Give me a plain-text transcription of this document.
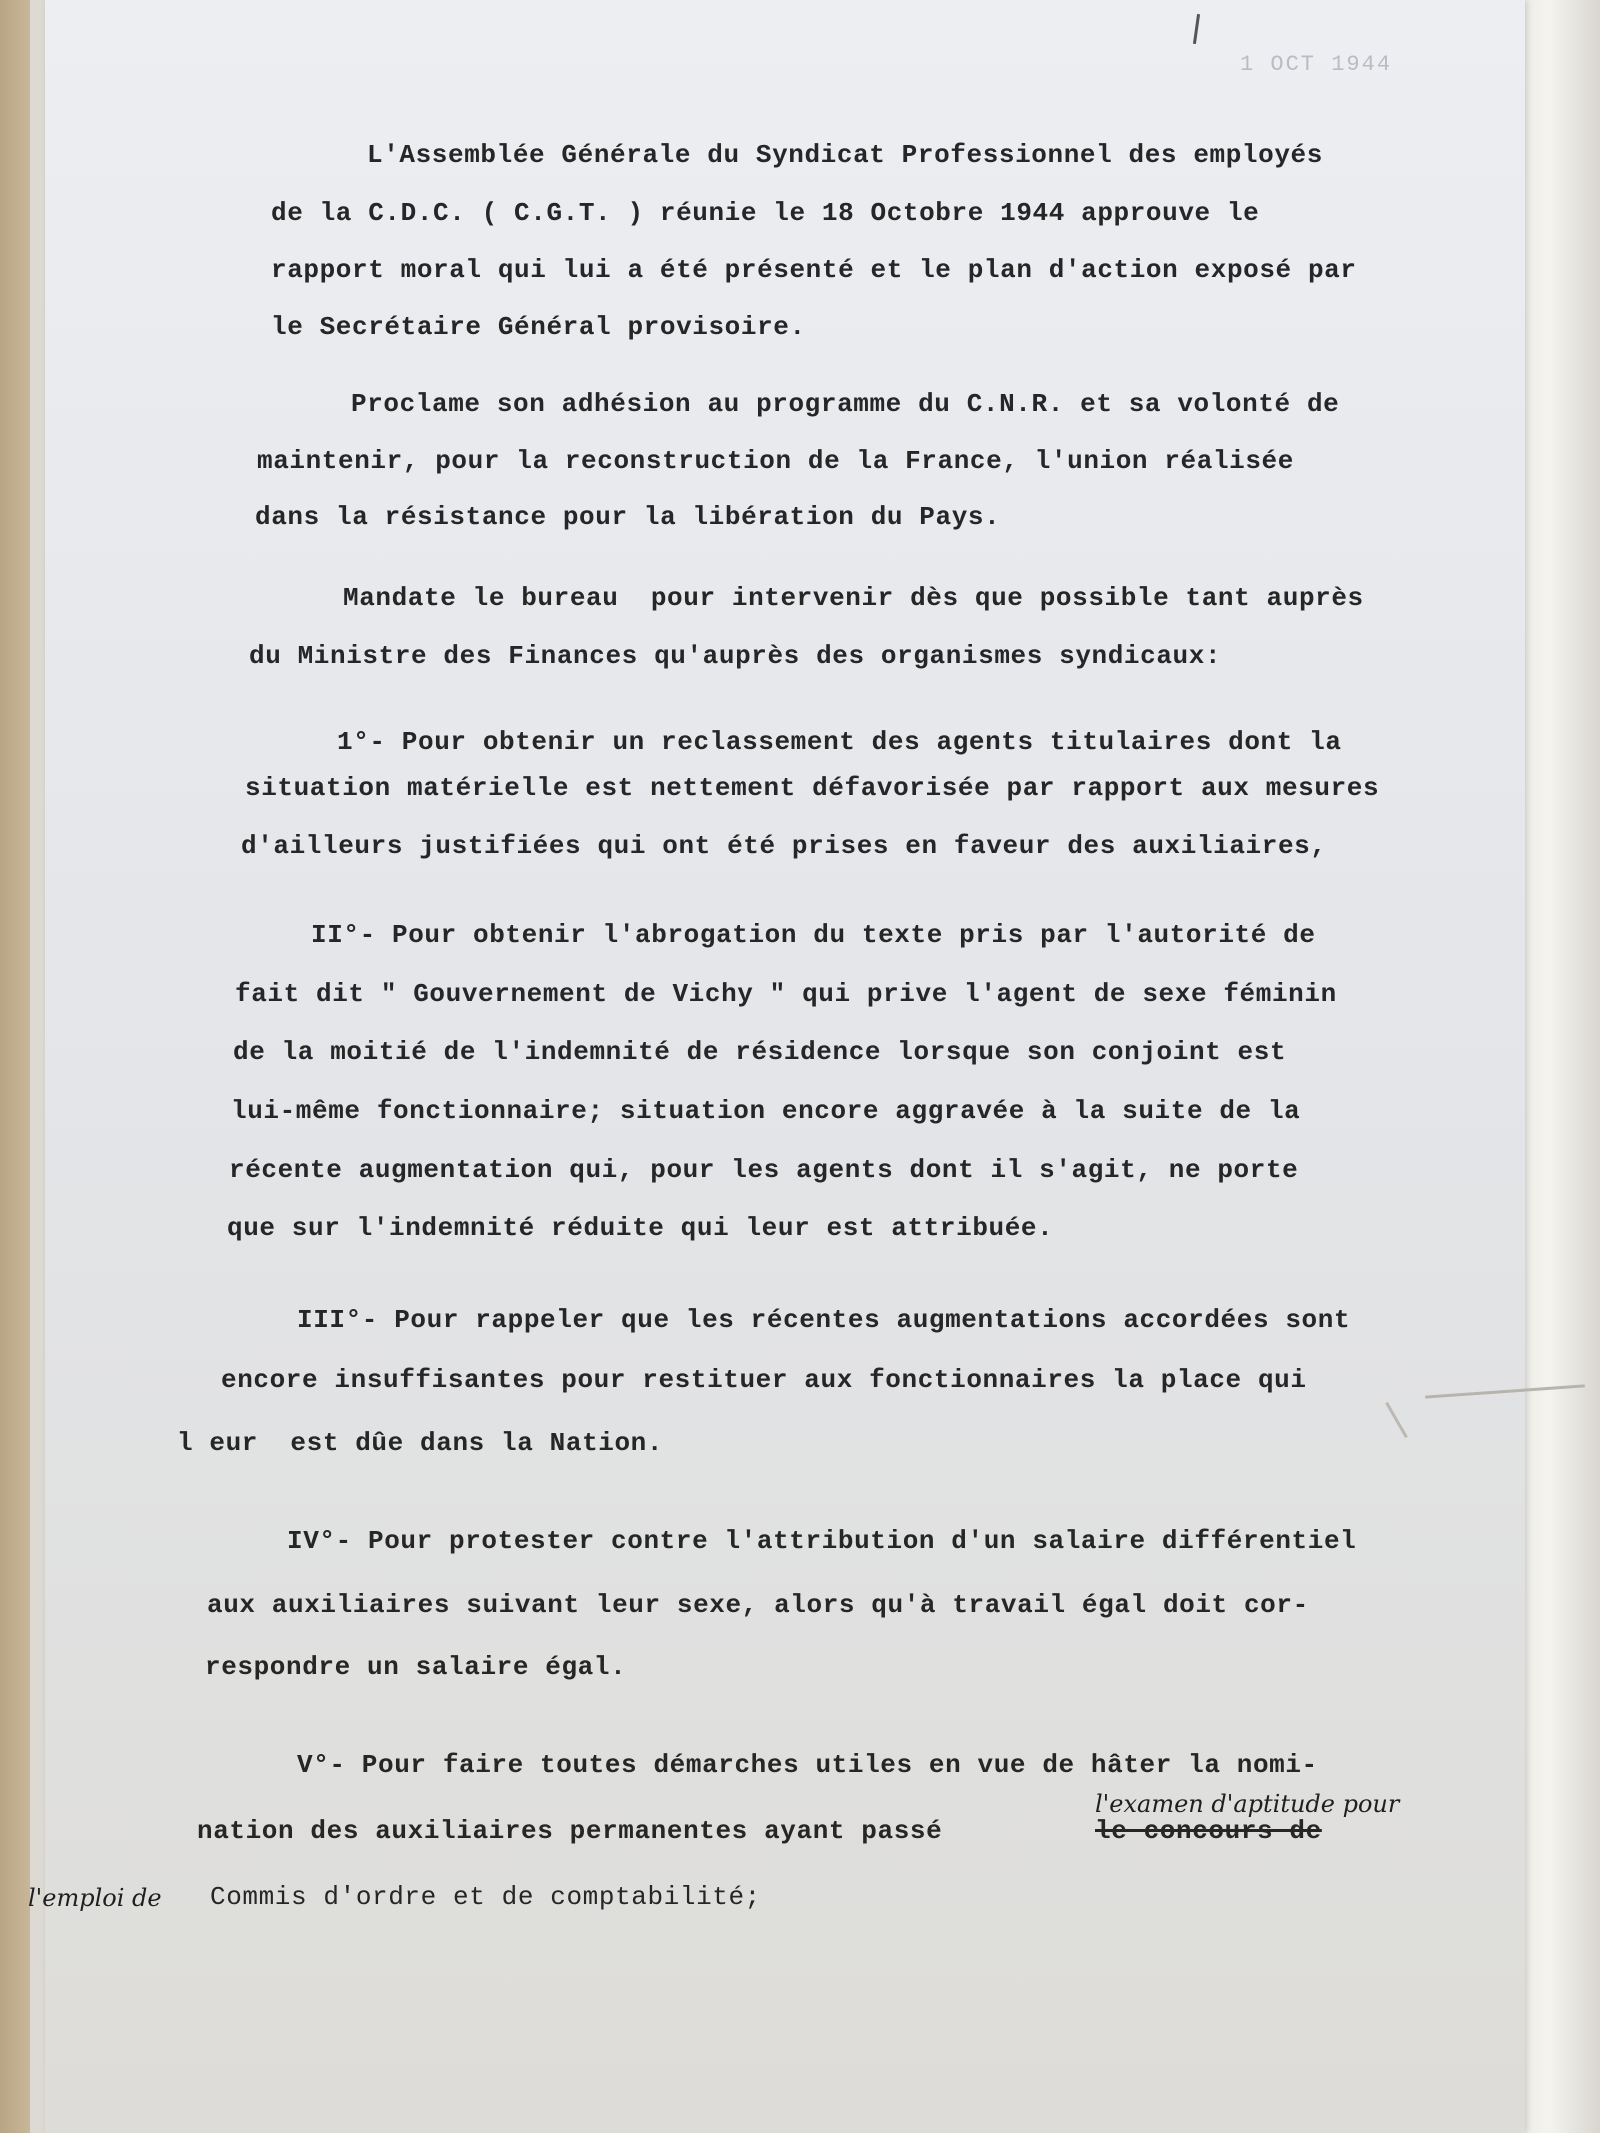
1 OCT 1944
L'Assemblée Générale du Syndicat Professionnel des employés
de la C.D.C. ( C.G.T. ) réunie le 18 Octobre 1944 approuve le
rapport moral qui lui a été présenté et le plan d'action exposé par
le Secrétaire Général provisoire.
Proclame son adhésion au programme du C.N.R. et sa volonté de
maintenir, pour la reconstruction de la France, l'union réalisée
dans la résistance pour la libération du Pays.
Mandate le bureau  pour intervenir dès que possible tant auprès
du Ministre des Finances qu'auprès des organismes syndicaux:
1°- Pour obtenir un reclassement des agents titulaires dont la
situation matérielle est nettement défavorisée par rapport aux mesures
d'ailleurs justifiées qui ont été prises en faveur des auxiliaires,
II°- Pour obtenir l'abrogation du texte pris par l'autorité de
fait dit " Gouvernement de Vichy " qui prive l'agent de sexe féminin
de la moitié de l'indemnité de résidence lorsque son conjoint est
lui-même fonctionnaire; situation encore aggravée à la suite de la
récente augmentation qui, pour les agents dont il s'agit, ne porte
que sur l'indemnité réduite qui leur est attribuée.
III°- Pour rappeler que les récentes augmentations accordées sont
encore insuffisantes pour restituer aux fonctionnaires la place qui
l eur  est dûe dans la Nation.
IV°- Pour protester contre l'attribution d'un salaire différentiel
aux auxiliaires suivant leur sexe, alors qu'à travail égal doit cor-
respondre un salaire égal.
V°- Pour faire toutes démarches utiles en vue de hâter la nomi-
nation des auxiliaires permanentes ayant passé	le concours de
l'examen d'aptitude pour
Commis d'ordre et de comptabilité;
l'emploi de
